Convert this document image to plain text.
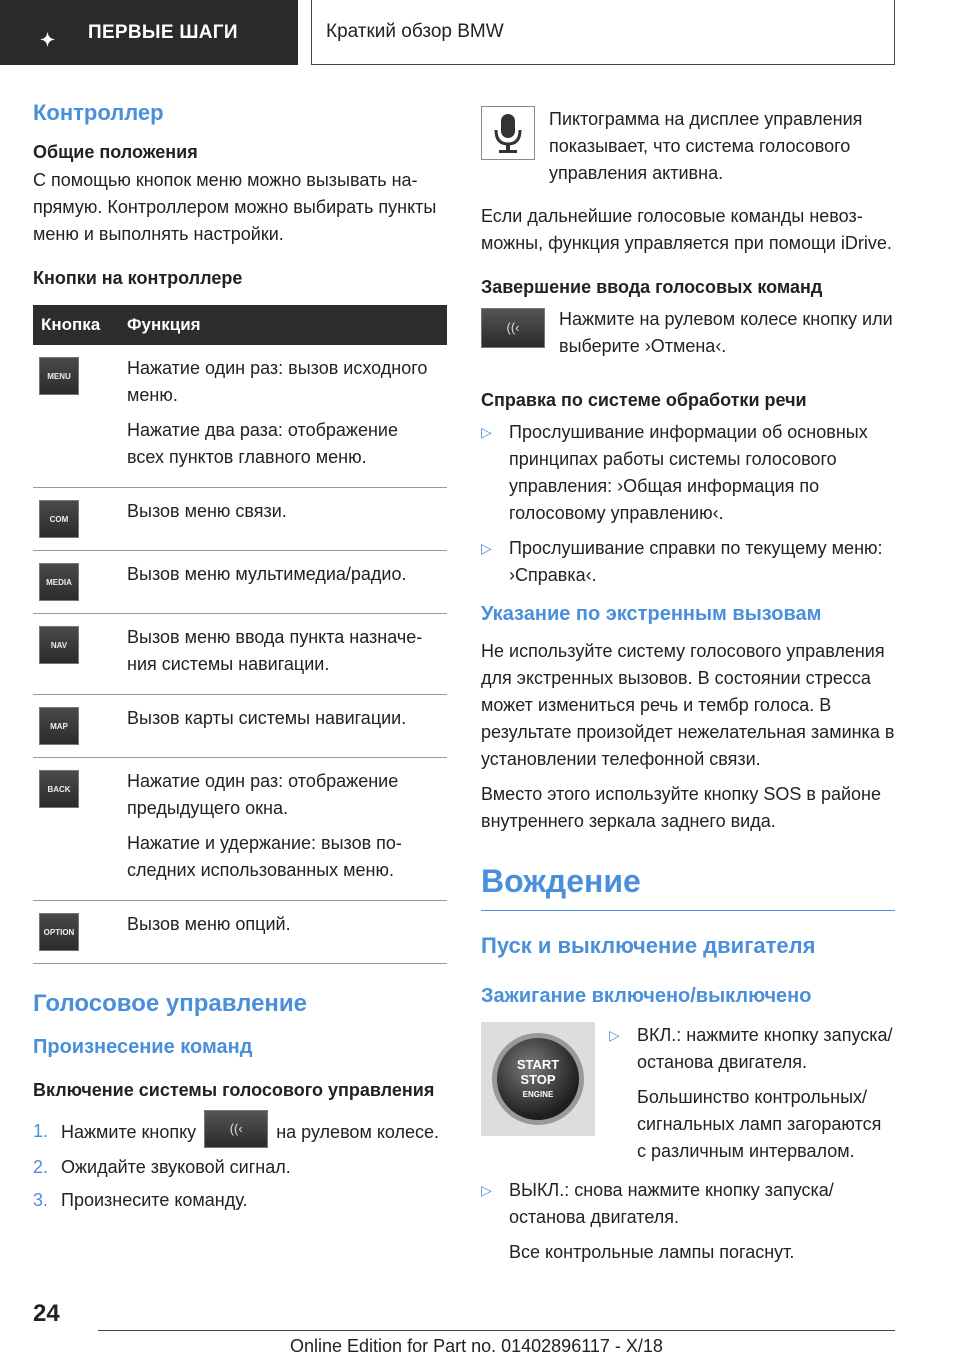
✦ ПЕРВЫЕ ШАГИ	Краткий обзор BMW
Контроллер
Общие положения

С помощью кнопок меню можно вызывать напрямую. Контроллером можно выбирать пункты меню и выполнять настройки.

Кнопки на контроллере
Кнопка	Функция

MENU	Нажатие один раз: вызов исходного меню.

Нажатие два раза: отображение всех пунктов главного меню.

COM	Вызов меню связи.

MEDIA	Вызов меню мультимедиа/радио.

NAV	Вызов меню ввода пункта назначения системы навигации.

MAP	Вызов карты системы навигации.

BACK	Нажатие один раз: отображение предыдущего окна.

Нажатие и удержание: вызов последних использованных меню.

OPTION	Вызов меню опций.

Голосовое управление
Произнесение команд
Включение системы голосового управления
1. Нажмите кнопку	((‹ на рулевом колесе.
2. Ожидайте звуковой сигнал.
3. Произнесите команду.

Пиктограмма на дисплее управления показывает, что система голосового управления активна.

Если дальнейшие голосовые команды невозможны, функция управляется при помощи iDrive.

Завершение ввода голосовых команд
((‹	Нажмите на рулевом колесе кнопку или выберите ›Отмена‹.

Справка по системе обработки речи
▷ Прослушивание информации об основных принципах работы системы голосового управления: ›Общая информация по голосовому управлению‹.
▷ Прослушивание справки по текущему меню: ›Справка‹.
Указание по экстренным вызовам

Не используйте систему голосового управления для экстренных вызовов. В состоянии стресса может измениться речь и тембр голоса. В результате произойдет нежелательная заминка в установлении телефонной связи.

Вместо этого используйте кнопку SOS в районе внутреннего зеркала заднего вида.

Вождение
Пуск и выключение двигателя
Зажигание включено/выключено
START
STOP
ENGINE
▷ ВКЛ.: нажмите кнопку запуска/останова двигателя.

Большинство контрольных/сигнальных ламп загораются с различным интервалом.

▷ ВЫКЛ.: снова нажмите кнопку запуска/останова двигателя.

Все контрольные лампы погаснут.

24
Online Edition for Part no. 01402896117 - X/18
